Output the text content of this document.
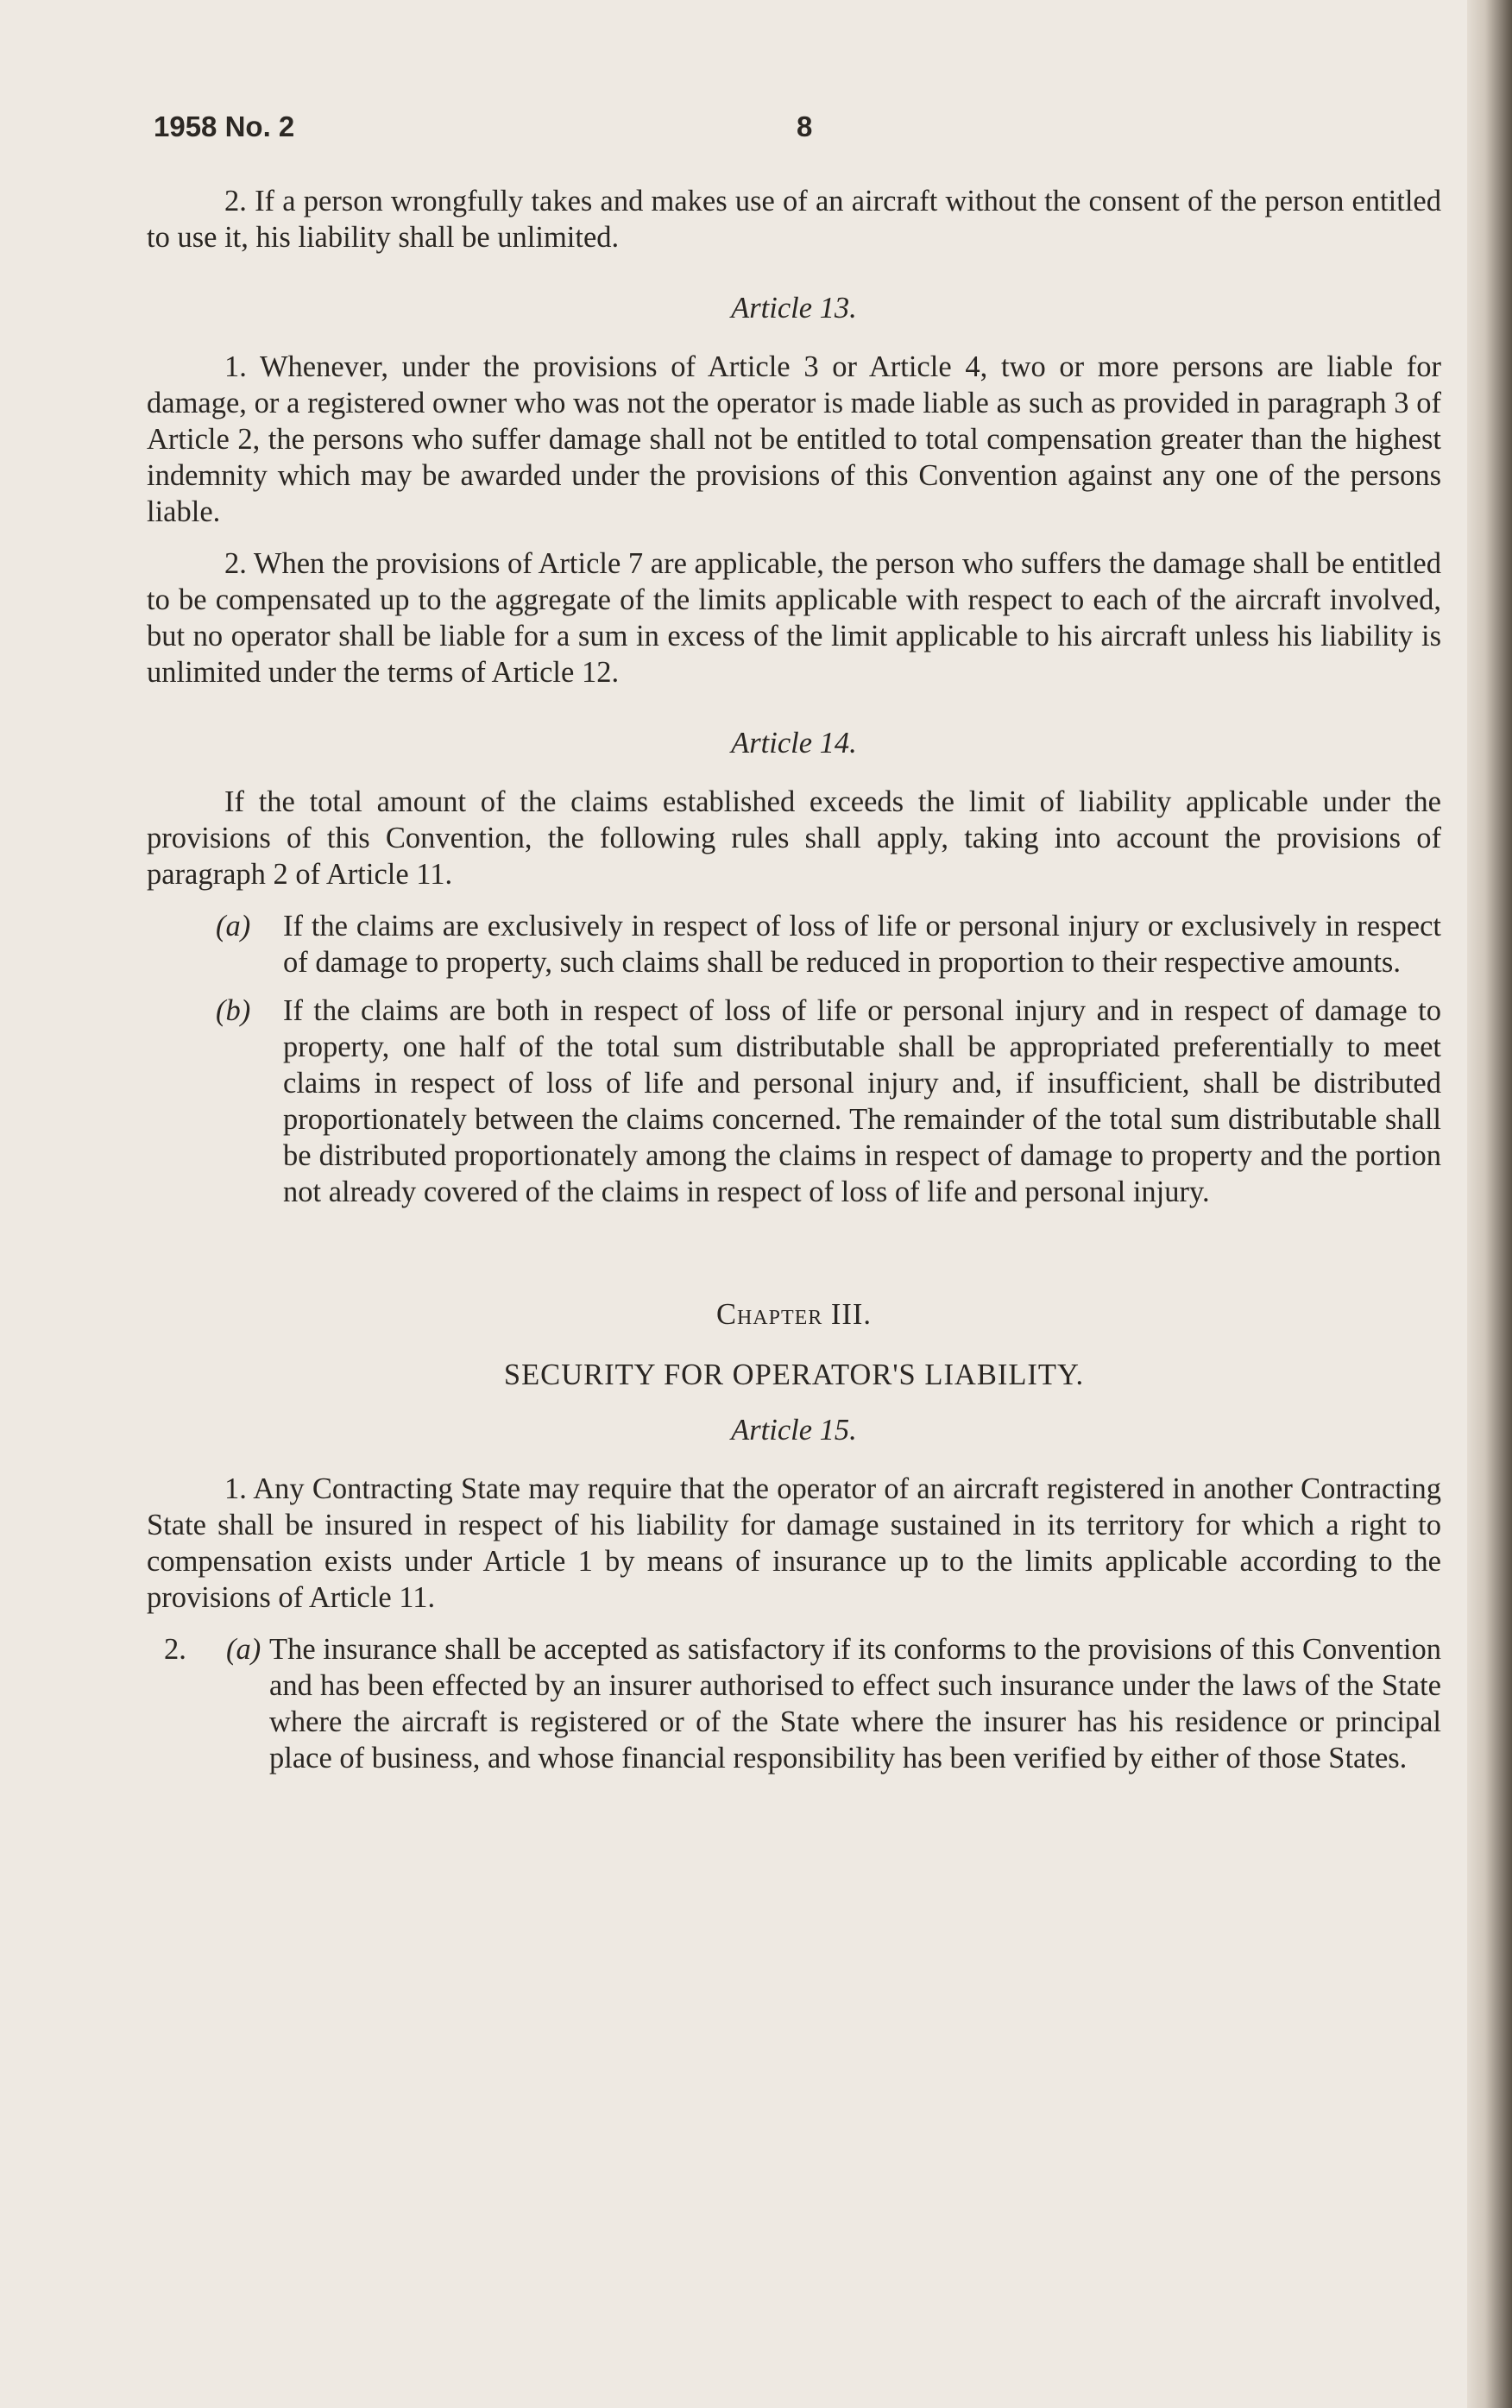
1958 No. 2	8

2. If a person wrongfully takes and makes use of an aircraft without the consent of the person entitled to use it, his liability shall be unlimited.

Article 13.

1. Whenever, under the provisions of Article 3 or Article 4, two or more persons are liable for damage, or a registered owner who was not the operator is made liable as such as provided in paragraph 3 of Article 2, the persons who suffer damage shall not be entitled to total compensation greater than the highest indemnity which may be awarded under the provisions of this Convention against any one of the persons liable.

2. When the provisions of Article 7 are applicable, the person who suffers the damage shall be entitled to be compensated up to the aggregate of the limits applicable with respect to each of the aircraft involved, but no operator shall be liable for a sum in excess of the limit applicable to his aircraft unless his liability is unlimited under the terms of Article 12.

Article 14.

If the total amount of the claims established exceeds the limit of liability applicable under the provisions of this Convention, the following rules shall apply, taking into account the provisions of paragraph 2 of Article 11.

(a) If the claims are exclusively in respect of loss of life or personal injury or exclusively in respect of damage to property, such claims shall be reduced in proportion to their respective amounts.

(b) If the claims are both in respect of loss of life or personal injury and in respect of damage to property, one half of the total sum distributable shall be appropriated preferentially to meet claims in respect of loss of life and personal injury and, if insufficient, shall be distributed proportionately between the claims concerned. The remainder of the total sum distributable shall be distributed proportionately among the claims in respect of damage to property and the portion not already covered of the claims in respect of loss of life and personal injury.

Chapter III.

SECURITY FOR OPERATOR'S LIABILITY.

Article 15.

1. Any Contracting State may require that the operator of an aircraft registered in another Contracting State shall be insured in respect of his liability for damage sustained in its territory for which a right to compensation exists under Article 1 by means of insurance up to the limits applicable according to the provisions of Article 11.

2. (a) The insurance shall be accepted as satisfactory if its conforms to the provisions of this Convention and has been effected by an insurer authorised to effect such insurance under the laws of the State where the aircraft is registered or of the State where the insurer has his residence or principal place of business, and whose financial responsibility has been verified by either of those States.
